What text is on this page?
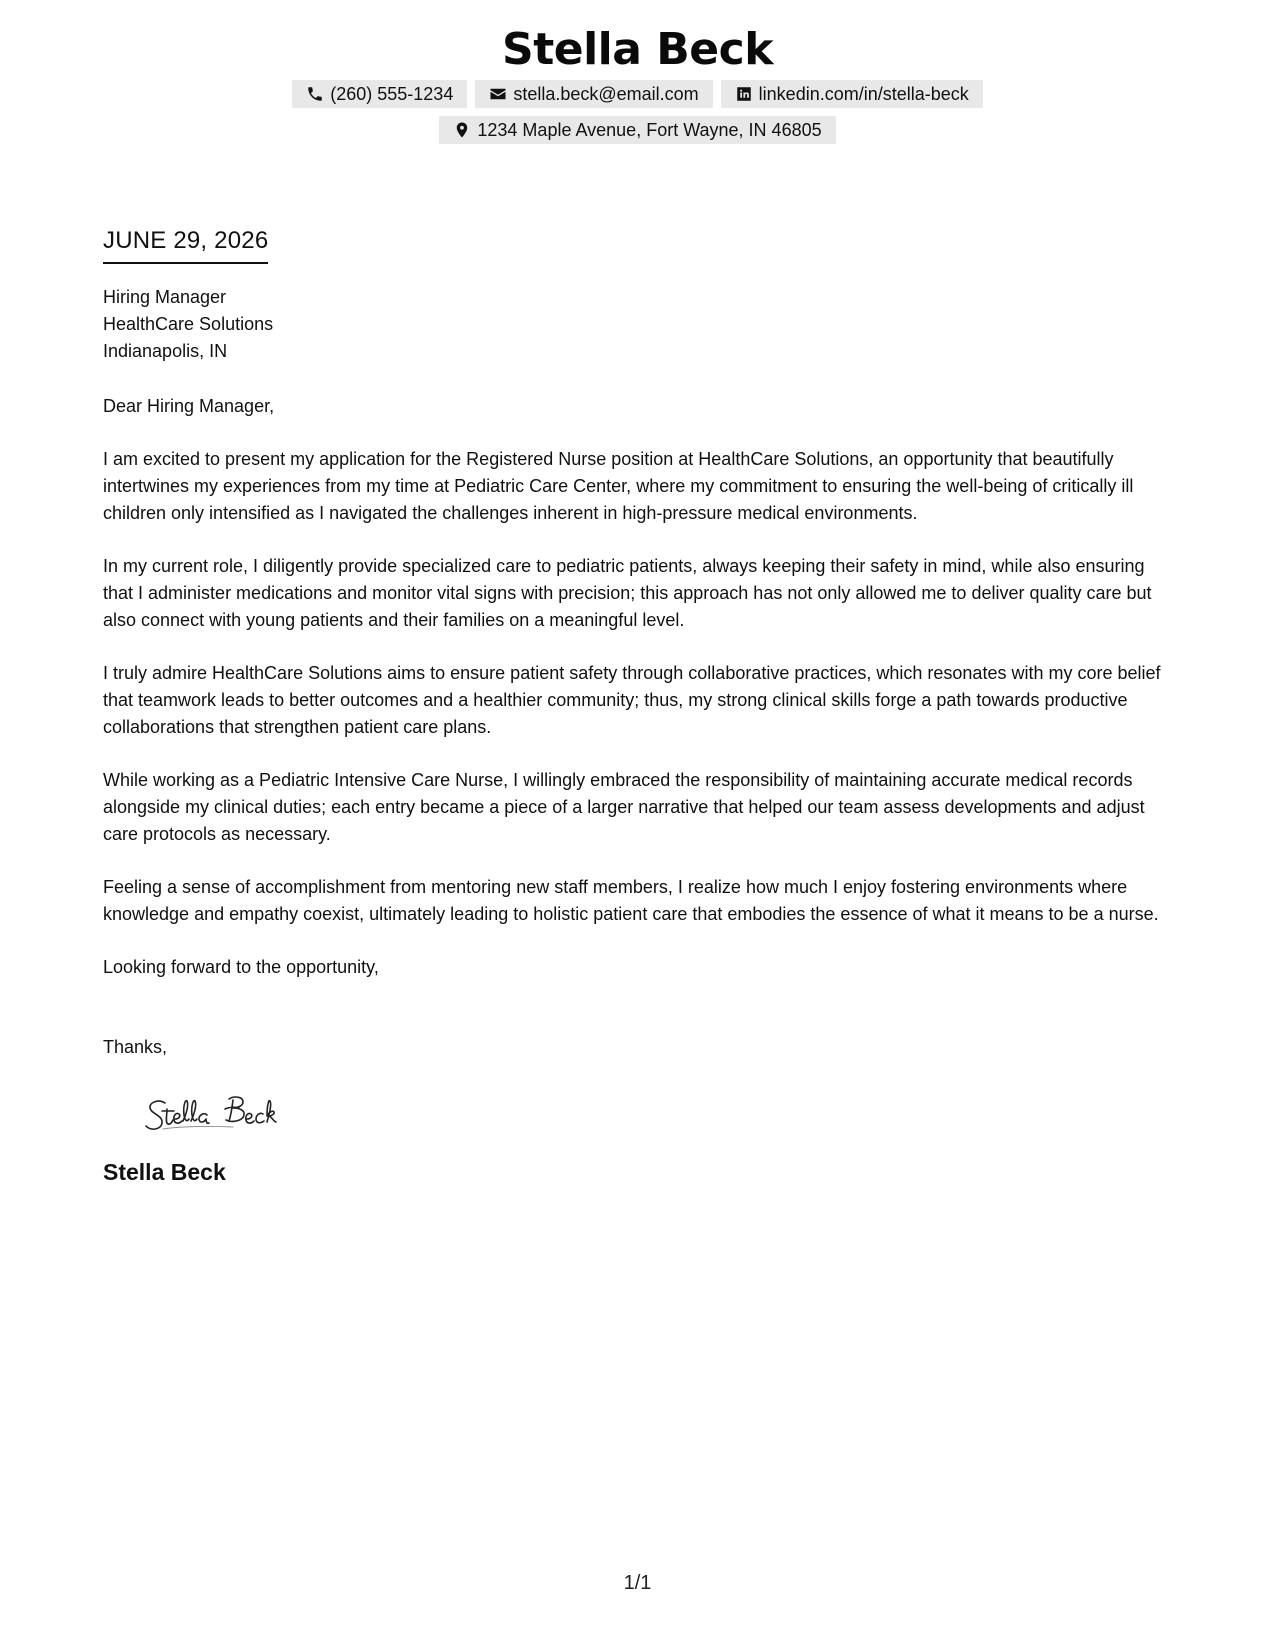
Stella Beck
(260) 555-1234	stella.beck@email.com	linkedin.com/in/stella-beck
1234 Maple Avenue, Fort Wayne, IN 46805
JUNE 29, 2026
Hiring Manager
HealthCare Solutions
Indianapolis, IN

Dear Hiring Manager,

I am excited to present my application for the Registered Nurse position at HealthCare Solutions, an opportunity that beautifully intertwines my experiences from my time at Pediatric Care Center, where my commitment to ensuring the well-being of critically ill children only intensified as I navigated the challenges inherent in high-pressure medical environments.

In my current role, I diligently provide specialized care to pediatric patients, always keeping their safety in mind, while also ensuring that I administer medications and monitor vital signs with precision; this approach has not only allowed me to deliver quality care but also connect with young patients and their families on a meaningful level.

I truly admire HealthCare Solutions aims to ensure patient safety through collaborative practices, which resonates with my core belief that teamwork leads to better outcomes and a healthier community; thus, my strong clinical skills forge a path towards productive collaborations that strengthen patient care plans.

While working as a Pediatric Intensive Care Nurse, I willingly embraced the responsibility of maintaining accurate medical records alongside my clinical duties; each entry became a piece of a larger narrative that helped our team assess developments and adjust care protocols as necessary.

Feeling a sense of accomplishment from mentoring new staff members, I realize how much I enjoy fostering environments where knowledge and empathy coexist, ultimately leading to holistic patient care that embodies the essence of what it means to be a nurse.

Looking forward to the opportunity,

Thanks,

Stella Beck
1/1
